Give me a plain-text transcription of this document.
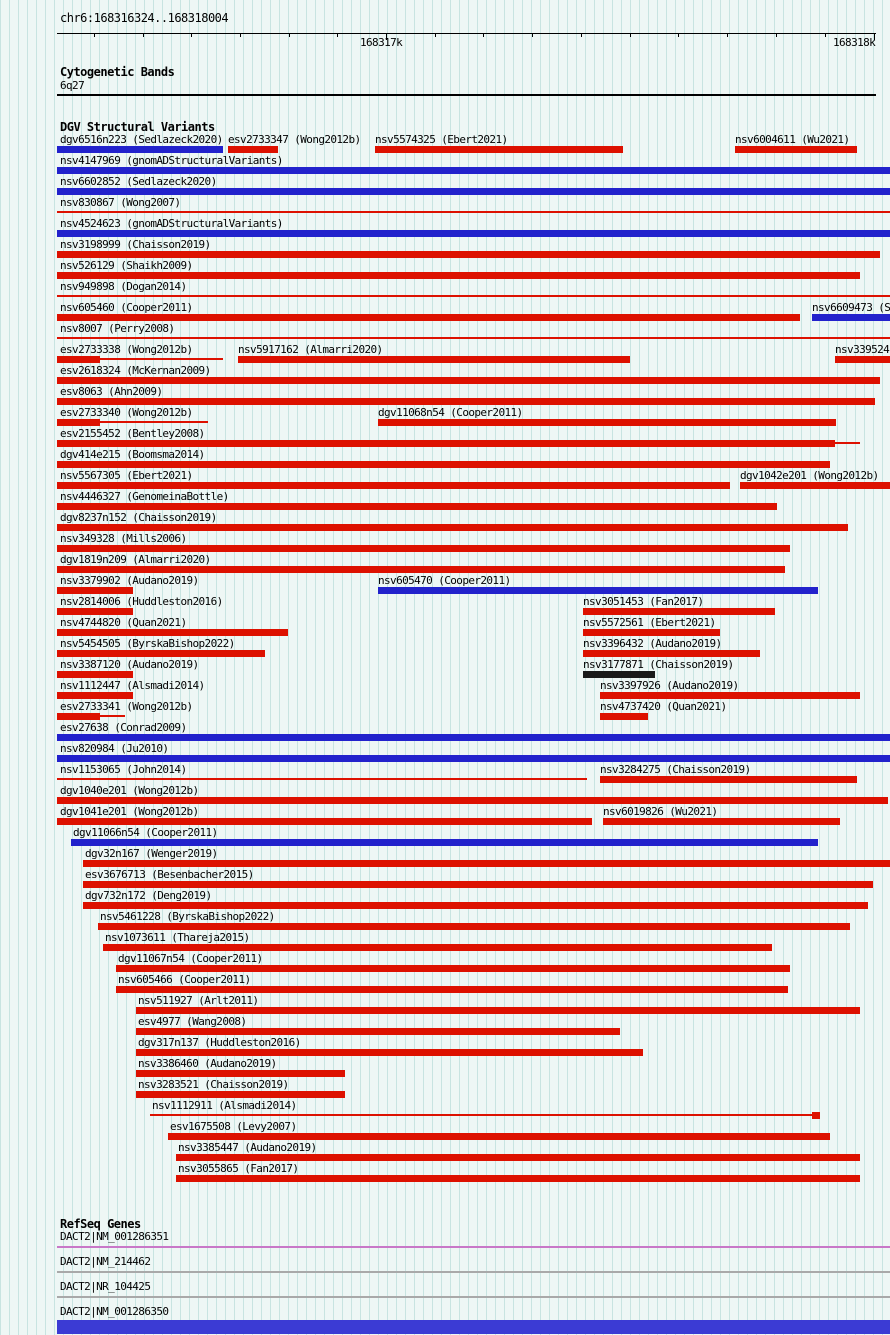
chr6:168316324..168318004
168317k	168318k
Cytogenetic Bands
6q27
DGV Structural Variants
dgv6516n223 (Sedlazeck2020) esv2733347 (Wong2012b) nsv5574325 (Ebert2021)	nsv6004611 (Wu2021)
nsv4147969 (gnomADStructuralVariants)
nsv6602852 (Sedlazeck2020)
nsv830867 (Wong2007)
nsv4524623 (gnomADStructuralVariants)
nsv3198999 (Chaisson2019)
nsv526129 (Shaikh2009)
nsv949898 (Dogan2014)
nsv605460 (Cooper2011)	nsv6609473 (S
nsv8007 (Perry2008)
esv2733338 (Wong2012b)	nsv5917162 (Almarri2020)	nsv339524
esv2618324 (McKernan2009)
esv8063 (Ahn2009)
esv2733340 (Wong2012b)	dgv11068n54 (Cooper2011)
esv2155452 (Bentley2008)
dgv414e215 (Boomsma2014)
nsv5567305 (Ebert2021)	dgv1042e201 (Wong2012b)
nsv4446327 (GenomeinaBottle)
dgv8237n152 (Chaisson2019)
nsv349328 (Mills2006)
dgv1819n209 (Almarri2020)
nsv3379902 (Audano2019)	nsv605470 (Cooper2011)
nsv2814006 (Huddleston2016)	nsv3051453 (Fan2017)
nsv4744820 (Quan2021)	nsv5572561 (Ebert2021)
nsv5454505 (ByrskaBishop2022)	nsv3396432 (Audano2019)
nsv3387120 (Audano2019)	nsv3177871 (Chaisson2019)
nsv1112447 (Alsmadi2014)	nsv3397926 (Audano2019)
esv2733341 (Wong2012b)	nsv4737420 (Quan2021)
esv27638 (Conrad2009)
nsv820984 (Ju2010)
nsv1153065 (John2014)	nsv3284275 (Chaisson2019)
dgv1040e201 (Wong2012b)
dgv1041e201 (Wong2012b)	nsv6019826 (Wu2021)
dgv11066n54 (Cooper2011)
dgv32n167 (Wenger2019)
esv3676713 (Besenbacher2015)
dgv732n172 (Deng2019)
nsv5461228 (ByrskaBishop2022)
nsv1073611 (Thareja2015)
dgv11067n54 (Cooper2011)
nsv605466 (Cooper2011)
nsv511927 (Arlt2011)
esv4977 (Wang2008)
dgv317n137 (Huddleston2016)
nsv3386460 (Audano2019)
nsv3283521 (Chaisson2019)
nsv1112911 (Alsmadi2014)
esv1675508 (Levy2007)
nsv3385447 (Audano2019)
nsv3055865 (Fan2017)
RefSeq Genes
DACT2|NM_001286351
DACT2|NM_214462
DACT2|NR_104425
DACT2|NM_001286350
